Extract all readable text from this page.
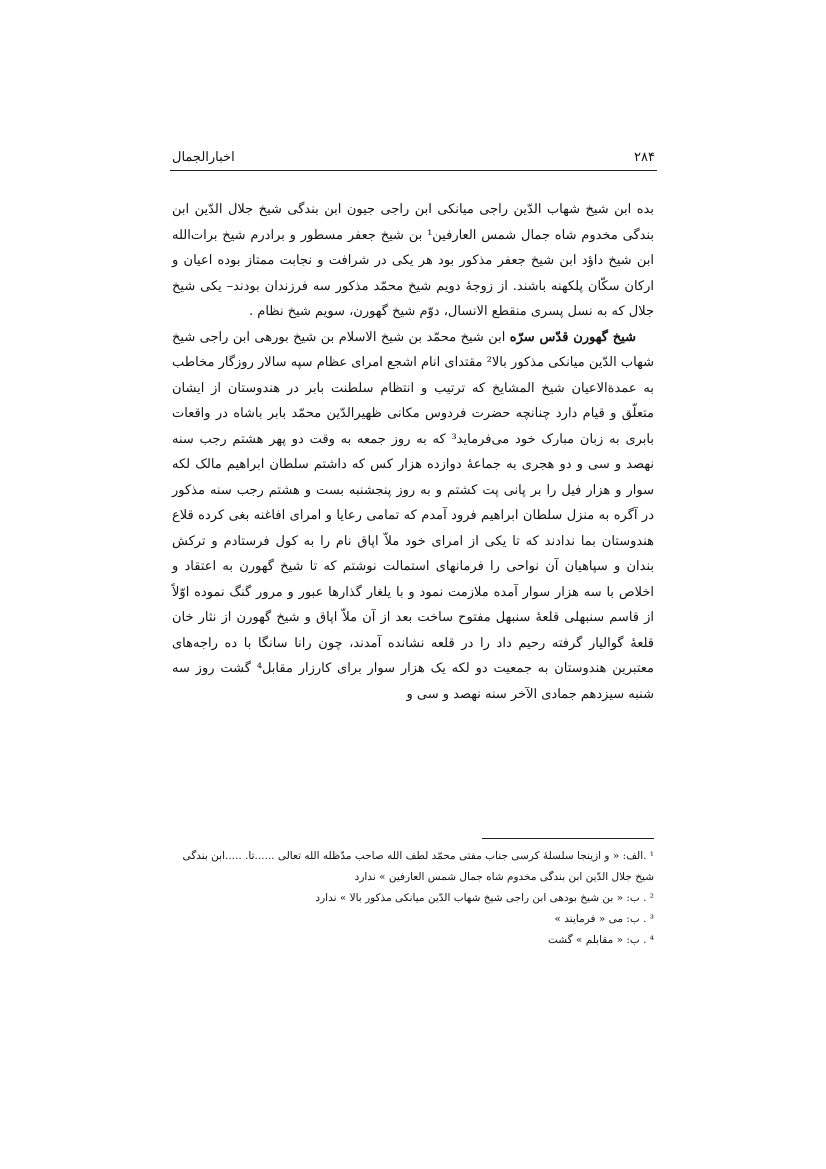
اخبارالجمال	۲۸۴

بده ابن شیخ شهاب الدّین راجی میانکی ابن راجی جیون ابن بندگی شیخ جلال الدّین ابن بندگی مخدوم شاه جمال شمس العارفین¹ بن شیخ جعفر مسطور و برادرم شیخ برات‌الله ابن شیخ داؤد ابن شیخ جعفر مذکور بود هر یکی در شرافت و نجابت ممتاز بوده اعیان و ارکان سکّان پلکهنه باشند. از زوجۀ دویم شیخ محمّد مذکور سه فرزندان بودند– یکی شیخ جلال که به نسل پسری منقطع الانسال، دوّم شیخ گهورن، سویم شیخ نظام .

شیخ گهورن قدّس سرّه ابن شیخ محمّد بن شیخ الاسلام بن شیخ بورهی ابن راجی شیخ شهاب الدّین میانکی مذکور بالا² مقتدای انام اشجع امرای عظام سپه سالار روزگار مخاطب به عمدةالاعیان شیخ المشایخ که ترتیب و انتظام سلطنت بابر در هندوستان از ایشان متعلّق و قیام دارد چنانچه حضرت فردوس مکانی ظهیرالدّین محمّد بابر باشاه در واقعات بابری به زبان مبارک خود می‌فرماید³ که به روز جمعه به وقت دو پهر هشتم رجب سنه نهصد و سی و دو هجری به جماعۀ دوازده هزار کس که داشتم سلطان ابراهیم مالک لکه سوار و هزار فیل را بر پانی پت کشتم و به روز پنجشنبه بست و هشتم رجب سنه مذکور در آگره به منزل سلطان ابراهیم فرود آمدم که تمامی رعایا و امرای افاغنه بغی کرده قلاع هندوستان بما ندادند که تا یکی از امرای خود ملاّ اپاق نام را به کول فرستادم و ترکش بندان و سپاهیان آن نواحی را فرمانهای استمالت نوشتم که تا شیخ گهورن به اعتقاد و اخلاص با سه هزار سوار آمده ملازمت نمود و با یلغار گذارها عبور و مرور گنگ نموده اوّلاً از قاسم سنبهلی قلعۀ سنبهل مفتوح ساخت بعد از آن ملاّ اپاق و شیخ گهورن از نثار خان قلعۀ گوالیار گرفته رحیم داد را در قلعه نشانده آمدند، چون رانا سانگا با ده راجه‌های معتبرین هندوستان به جمعیت دو لکه یک هزار سوار برای کارزار مقابل⁴ گشت روز سه شنبه سیزدهم جمادی الآخر سنه نهصد و سی و

¹ .الف: « و ازینجا سلسلۀ کرسی جناب مفتی محمّد لطف الله صاحب مدّظله الله تعالی ......تا. .....ابن بندگی شیخ جلال الدّین ابن بندگی مخدوم شاه جمال شمس العارفین » ندارد

² . ب: « بن شیخ بودهی ابن راجی شیخ شهاب الدّین میانکی مذکور بالا » ندارد

³ . ب: می « فرمایند »

⁴ . ب: « مقابلم » گشت
